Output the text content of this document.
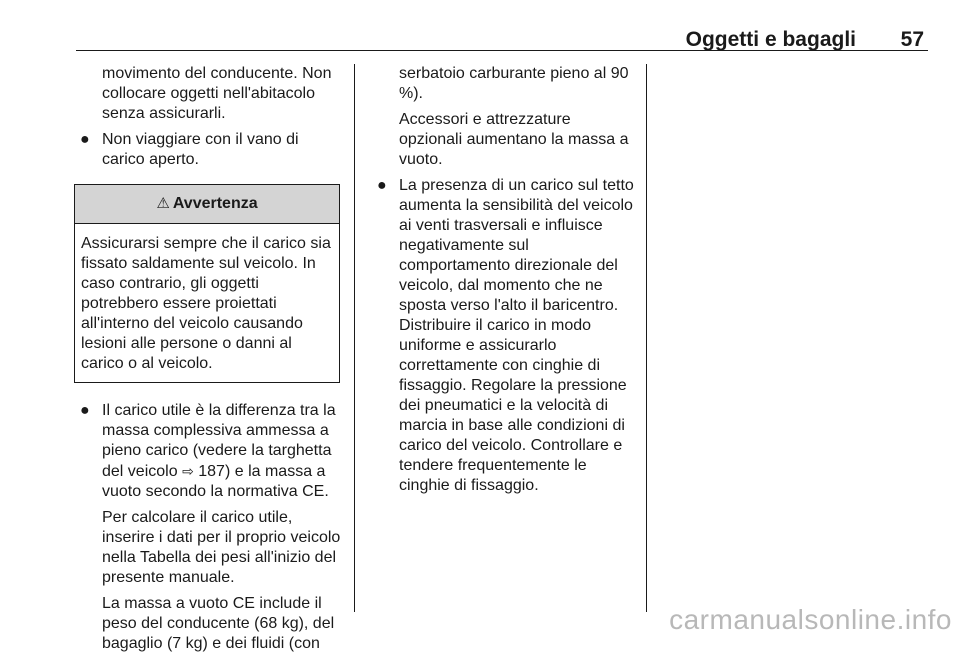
Oggetti e bagagli 57

movimento del conducente. Non collocare oggetti nell'abitacolo senza assicurarli.

● Non viaggiare con il vano di carico aperto.
⚠ Avvertenza
Assicurarsi sempre che il carico sia fissato saldamente sul veicolo. In caso contrario, gli oggetti potrebbero essere proiettati all'interno del veicolo causando lesioni alle persone o danni al carico o al veicolo.
● Il carico utile è la differenza tra la massa complessiva ammessa a pieno carico (vedere la targhetta del veicolo ⇨ 187) e la massa a vuoto secondo la normativa CE.

Per calcolare il carico utile, inserire i dati per il proprio veicolo nella Tabella dei pesi all'inizio del presente manuale.

La massa a vuoto CE include il peso del conducente (68 kg), del bagaglio (7 kg) e dei fluidi (con

serbatoio carburante pieno al 90 %).

Accessori e attrezzature opzionali aumentano la massa a vuoto.

● La presenza di un carico sul tetto aumenta la sensibilità del veicolo ai venti trasversali e influisce negativamente sul comportamento direzionale del veicolo, dal momento che ne sposta verso l'alto il baricentro. Distribuire il carico in modo uniforme e assicurarlo correttamente con cinghie di fissaggio. Regolare la pressione dei pneumatici e la velocità di marcia in base alle condizioni di carico del veicolo. Controllare e tendere frequentemente le cinghie di fissaggio.
carmanualsonline.info
